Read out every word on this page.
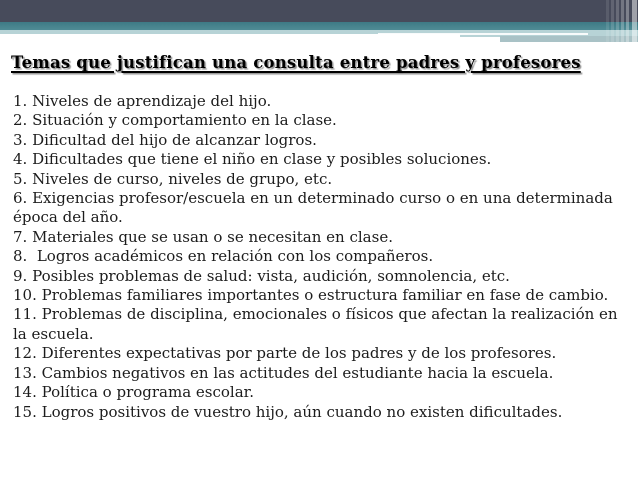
Temas que justifican una consulta entre padres y profesores
1. Niveles de aprendizaje del hijo.
2. Situación y comportamiento en la clase.
3. Dificultad del hijo de alcanzar logros.
4. Dificultades que tiene el niño en clase y posibles soluciones.
5. Niveles de curso, niveles de grupo, etc.
6. Exigencias profesor/escuela en un determinado curso o en una determinada época del año.
7. Materiales que se usan o se necesitan en clase.
8.  Logros académicos en relación con los compañeros.
9. Posibles problemas de salud: vista, audición, somnolencia, etc.
10. Problemas familiares importantes o estructura familiar en fase de cambio.
11. Problemas de disciplina, emocionales o físicos que afectan la realización en la escuela.
12. Diferentes expectativas por parte de los padres y de los profesores.
13. Cambios negativos en las actitudes del estudiante hacia la escuela.
14. Política o programa escolar.
15. Logros positivos de vuestro hijo, aún cuando no existen dificultades.
